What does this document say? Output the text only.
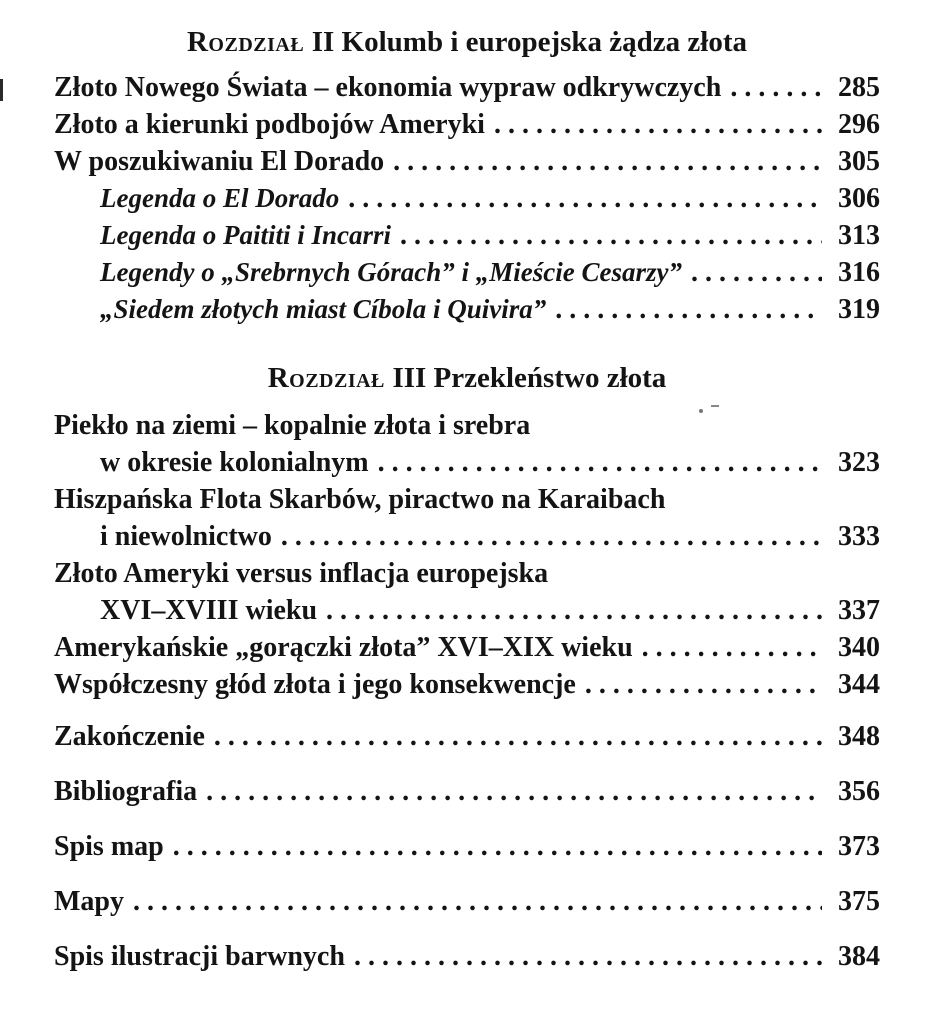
Rozdział II Kolumb i europejska żądza złota
Złoto Nowego Świata – ekonomia wypraw odkrywczych . . .	285
Złoto a kierunki podbojów Ameryki . . .	296
W poszukiwaniu El Dorado . . .	305
Legenda o El Dorado . . .	306
Legenda o Paititi i Incarri . . .	313
Legendy o „Srebrnych Górach” i „Mieście Cesarzy” . . .	316
„Siedem złotych miast Cíbola i Quivira” . . .	319
Rozdział III Przekleństwo złota
Piekło na ziemi – kopalnie złota i srebra
w okresie kolonialnym . . .	323
Hiszpańska Flota Skarbów, piractwo na Karaibach
i niewolnictwo . . .	333
Złoto Ameryki versus inflacja europejska
XVI–XVIII wieku . . .	337
Amerykańskie „gorączki złota” XVI–XIX wieku . . .	340
Współczesny głód złota i jego konsekwencje . . .	344
Zakończenie . . .	348
Bibliografia . . .	356
Spis map . . .	373
Mapy . . .	375
Spis ilustracji barwnych . . .	384
